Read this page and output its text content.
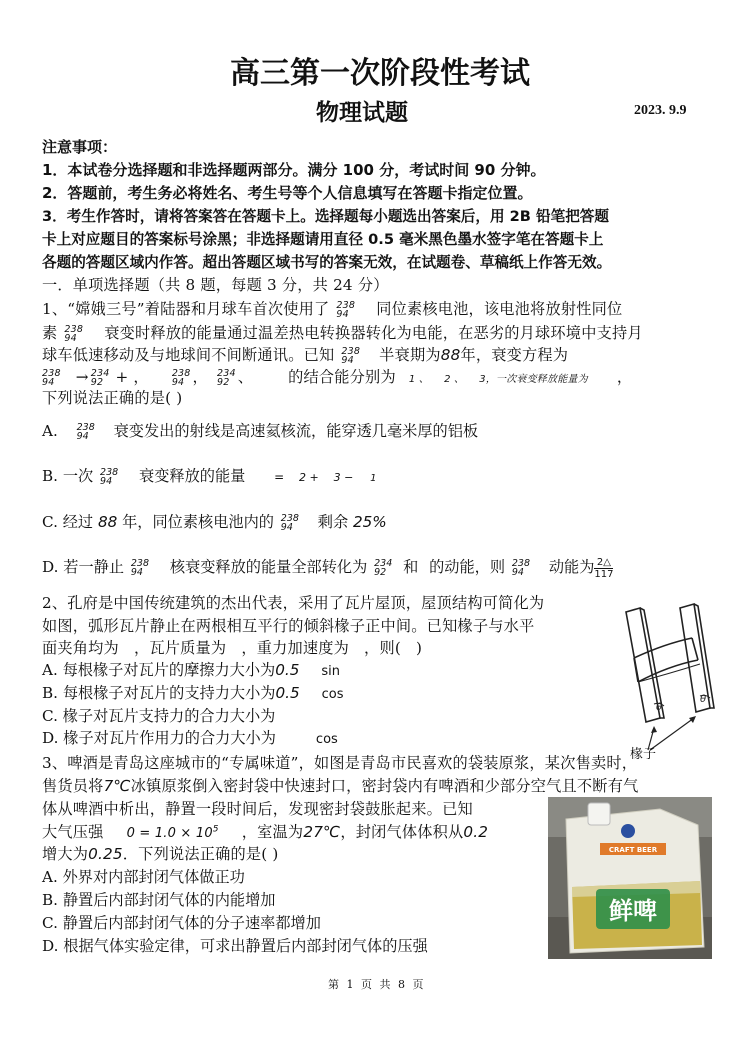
高三第一次阶段性考试
物理试题	2023. 9.9
注意事项：
1．本试卷分选择题和非选择题两部分。满分 100 分，考试时间 90 分钟。
2．答题前，考生务必将姓名、考生号等个人信息填写在答题卡指定位置。
3．考生作答时，请将答案答在答题卡上。选择题每小题选出答案后，用 2B 铅笔把答题
卡上对应题目的答案标号涂黑；非选择题请用直径 0.5 毫米黑色墨水签字笔在答题卡上
各题的答题区域内作答。超出答题区域书写的答案无效，在试题卷、草稿纸上作答无效。
一．单项选择题（共 8 题，每题 3 分，共 24 分）
1、“嫦娥三号”着陆器和月球车首次使用了 238
94	同位素核电池，该电池将放射性同位
素 238
94	衰变时释放的能量通过温差热电转换器转化为电能，在恶劣的月球环境中支持月
球车低速移动及与地球间不间断通讯。已知 238
94	半衰期为88年，衰变方程为
238
94	→ 234
92 + ， 238
94 ， 234
92 、 的结合能分别为 1 、 2 、 3，一次衰变释放能量为 ，
下列说法正确的是( )
A. 238
94	衰变发出的射线是高速氦核流，能穿透几毫米厚的铝板
B. 一次 238
94	衰变释放的能量 = 2 + 3 − 1
C. 经过 88 年，同位素核电池内的 238
94	剩余 25%
D. 若一静止 238
94	核衰变释放的能量全部转化为 234
92	和 的动能，则 238
94	动能为 $\frac{2\triangle}{117}$
2、孔府是中国传统建筑的杰出代表，采用了瓦片屋顶，屋顶结构可简化为
如图，弧形瓦片静止在两根相互平行的倾斜椽子正中间。已知椽子与水平
面夹角均为 ，瓦片质量为 ，重力加速度为 ，则( )
A. 每根椽子对瓦片的摩擦力大小为0.5 sin
B. 每根椽子对瓦片的支持力大小为0.5 cos
C. 椽子对瓦片支持力的合力大小为
D. 椽子对瓦片作用力的合力大小为	cos
θ
θ
椽子
3、啤酒是青岛这座城市的“专属味道”，如图是青岛市民喜欢的袋装原浆，某次售卖时，
售货员将7℃冰镇原浆倒入密封袋中快速封口，密封袋内有啤酒和少部分空气且不断有气
体从啤酒中析出，静置一段时间后，发现密封袋鼓胀起来。已知
大气压强 $0 = 1.0 \times 10^5$ ，室温为27℃，封闭气体体积从0.2
增大为0.25．下列说法正确的是( )
A. 外界对内部封闭气体做正功
B. 静置后内部封闭气体的内能增加
C. 静置后内部封闭气体的分子速率都增加
D. 根据气体实验定律，可求出静置后内部封闭气体的压强
CRAFT BEER
鲜啤
第 1 页 共 8 页
